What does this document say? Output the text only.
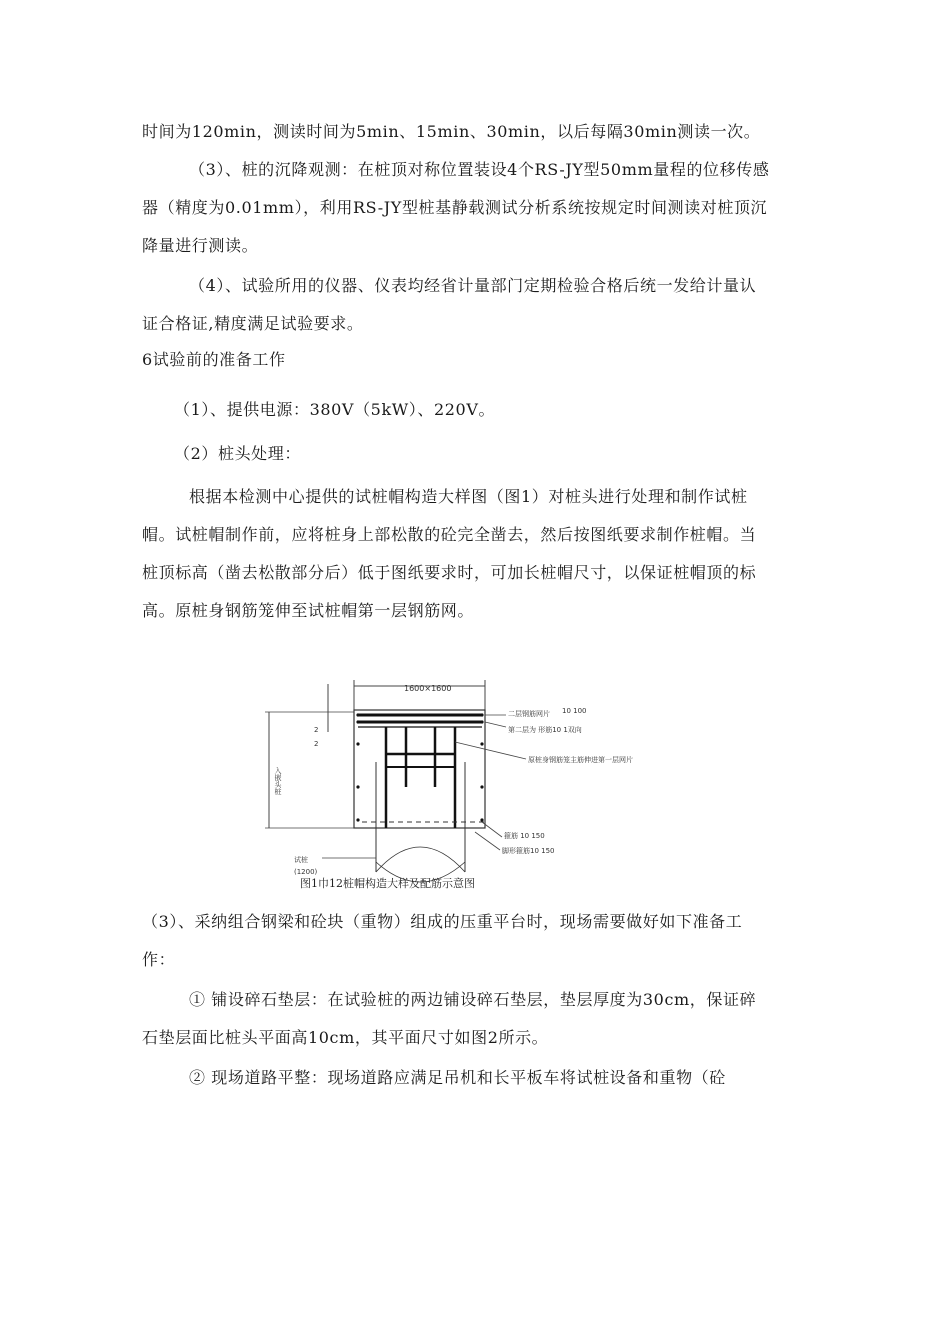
时间为120min，测读时间为5min、15min、30min，以后每隔30min测读一次。
（3）、桩的沉降观测：在桩顶对称位置装设4个RS-JY型50mm量程的位移传感
器（精度为0.01mm），利用RS-JY型桩基静载测试分析系统按规定时间测读对桩顶沉
降量进行测读。
（4）、试验所用的仪器、仪表均经省计量部门定期检验合格后统一发给计量认
证合格证,精度满足试验要求。
6试验前的准备工作
（1）、提供电源：380V（5kW）、220V。
（2）桩头处理：
根据本检测中心提供的试桩帽构造大样图（图1）对桩头进行处理和制作试桩
帽。试桩帽制作前，应将桩身上部松散的砼完全凿去，然后按图纸要求制作桩帽。当
桩顶标高（凿去松散部分后）低于图纸要求时，可加长桩帽尺寸，以保证桩帽顶的标
高。原桩身钢筋笼伸至试桩帽第一层钢筋网。
1600×1600
2
2
入嵌头桩
二层钢筋网片 10 100
第二层为 形筋10 1双向
原桩身钢筋笼主筋伸进第一层网片
箍筋 10 150
脚形箍筋10 150
试桩
(1200)
图1巾12桩帽构造大样及配筋示意图
（3）、采纳组合钢梁和砼块（重物）组成的压重平台时，现场需要做好如下准备工
作：
① 铺设碎石垫层：在试验桩的两边铺设碎石垫层，垫层厚度为30cm，保证碎
石垫层面比桩头平面高10cm，其平面尺寸如图2所示。
② 现场道路平整：现场道路应满足吊机和长平板车将试桩设备和重物（砼
